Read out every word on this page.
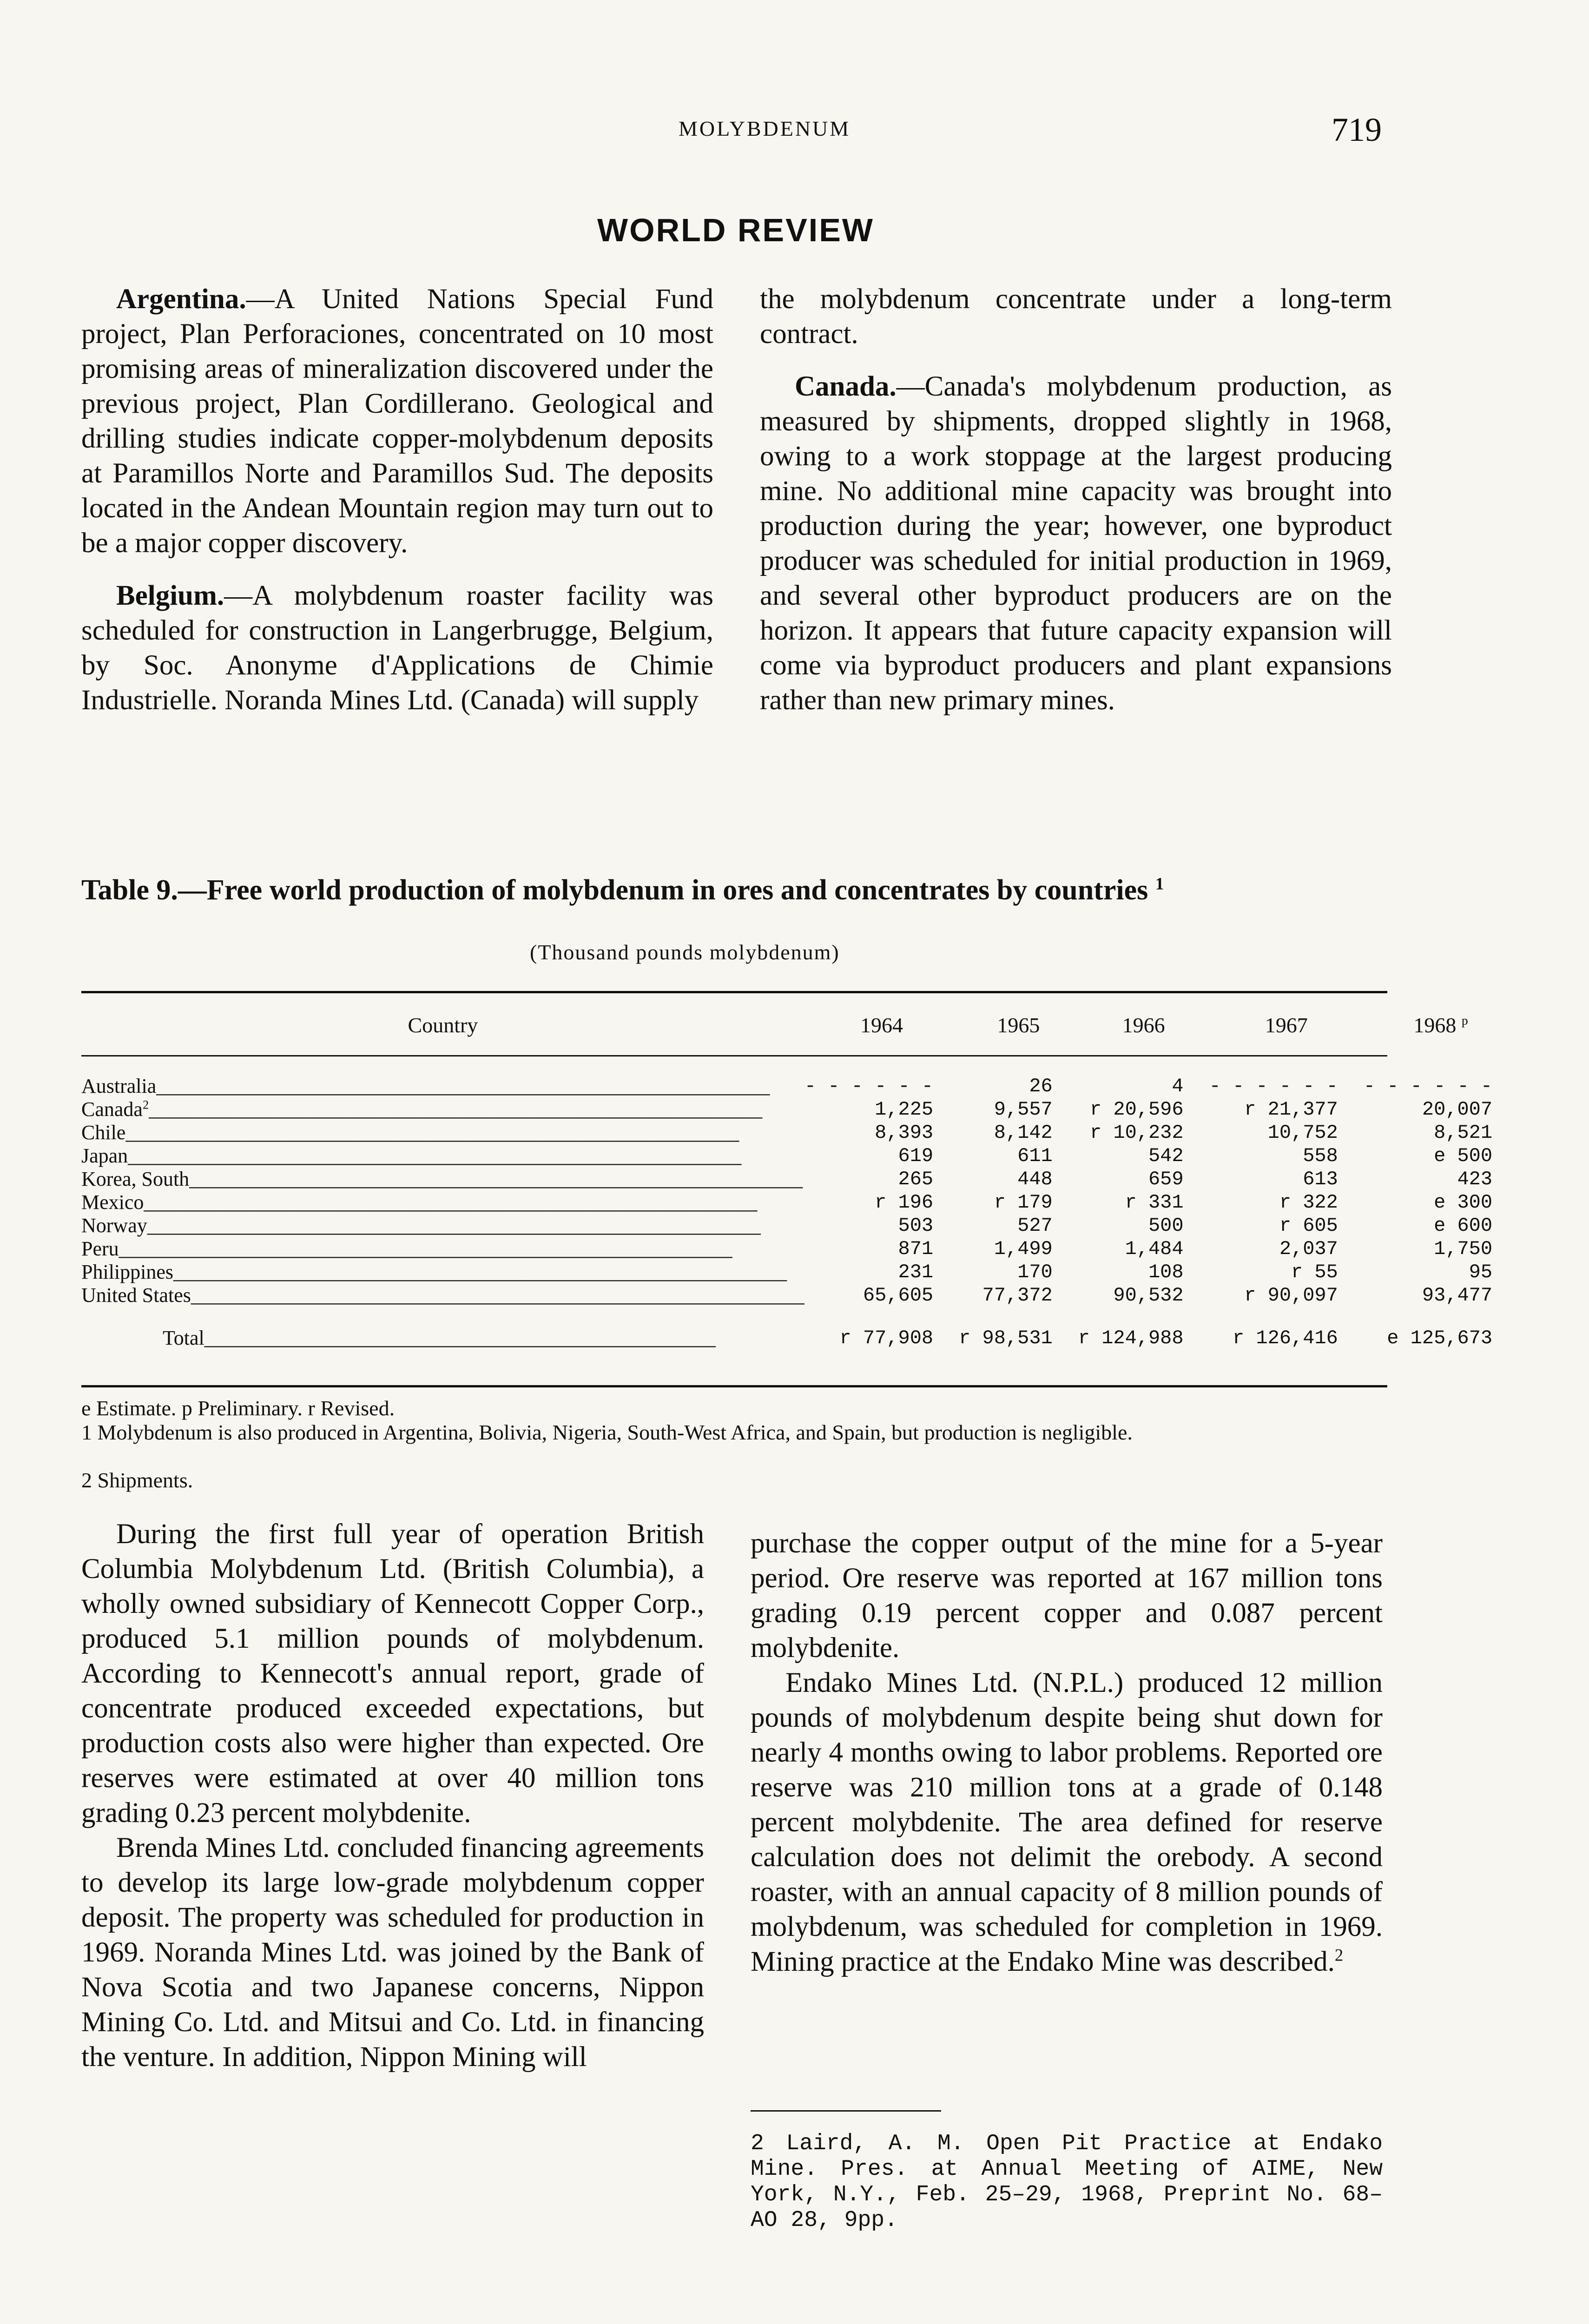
MOLYBDENUM	719
WORLD REVIEW

Argentina.—A United Nations Special Fund project, Plan Perforaciones, concentrated on 10 most promising areas of mineralization discovered under the previous project, Plan Cordillerano. Geological and drilling studies indicate copper-molybdenum deposits at Paramillos Norte and Paramillos Sud. The deposits located in the Andean Mountain region may turn out to be a major copper discovery.

Belgium.—A molybdenum roaster facility was scheduled for construction in Langerbrugge, Belgium, by Soc. Anonyme d'Applications de Chimie Industrielle. Noranda Mines Ltd. (Canada) will supply

the molybdenum concentrate under a long-term contract.

Canada.—Canada's molybdenum production, as measured by shipments, dropped slightly in 1968, owing to a work stoppage at the largest producing mine. No additional mine capacity was brought into production during the year; however, one byproduct producer was scheduled for initial production in 1969, and several other byproduct producers are on the horizon. It appears that future capacity expansion will come via byproduct producers and plant expansions rather than new primary mines.

Table 9.—Free world production of molybdenum in ores and concentrates by countries $^1$
(Thousand pounds molybdenum)
Country	1964	1965	1966	1967	1968 $^p$
Australia____________________________________________________________	- - - - - -	26	4	- - - - - -	- - - - - -
Canada$^2$____________________________________________________________	1,225	9,557	r 20,596	r 21,377	20,007
Chile____________________________________________________________	8,393	8,142	r 10,232	10,752	8,521
Japan____________________________________________________________	619	611	542	558	e 500
Korea, South____________________________________________________________	265	448	659	613	423
Mexico____________________________________________________________	r 196	r 179	r 331	r 322	e 300
Norway____________________________________________________________	503	527	500	r 605	e 600
Peru____________________________________________________________	871	1,499	1,484	2,037	1,750
Philippines____________________________________________________________	231	170	108	r 55	95
United States____________________________________________________________	65,605	77,372	90,532	r 90,097	93,477
Total__________________________________________________	r 77,908	r 98,531	r 124,988	r 126,416	e 125,673
e Estimate. p Preliminary. r Revised.
1 Molybdenum is also produced in Argentina, Bolivia, Nigeria, South-West Africa, and Spain, but production is negligible.
2 Shipments.

During the first full year of operation British Columbia Molybdenum Ltd. (British Columbia), a wholly owned subsidiary of Kennecott Copper Corp., produced 5.1 million pounds of molybdenum. According to Kennecott's annual report, grade of concentrate produced exceeded expectations, but production costs also were higher than expected. Ore reserves were estimated at over 40 million tons grading 0.23 percent molybdenite.

Brenda Mines Ltd. concluded financing agreements to develop its large low-grade molybdenum copper deposit. The property was scheduled for production in 1969. Noranda Mines Ltd. was joined by the Bank of Nova Scotia and two Japanese concerns, Nippon Mining Co. Ltd. and Mitsui and Co. Ltd. in financing the venture. In addition, Nippon Mining will

purchase the copper output of the mine for a 5-year period. Ore reserve was reported at 167 million tons grading 0.19 percent copper and 0.087 percent molybdenite.

Endako Mines Ltd. (N.P.L.) produced 12 million pounds of molybdenum despite being shut down for nearly 4 months owing to labor problems. Reported ore reserve was 210 million tons at a grade of 0.148 percent molybdenite. The area defined for reserve calculation does not delimit the orebody. A second roaster, with an annual capacity of 8 million pounds of molybdenum, was scheduled for completion in 1969. Mining practice at the Endako Mine was described.$^2$

2 Laird, A. M. Open Pit Practice at Endako Mine. Pres. at Annual Meeting of AIME, New York, N.Y., Feb. 25–29, 1968, Preprint No. 68–AO 28, 9pp.
